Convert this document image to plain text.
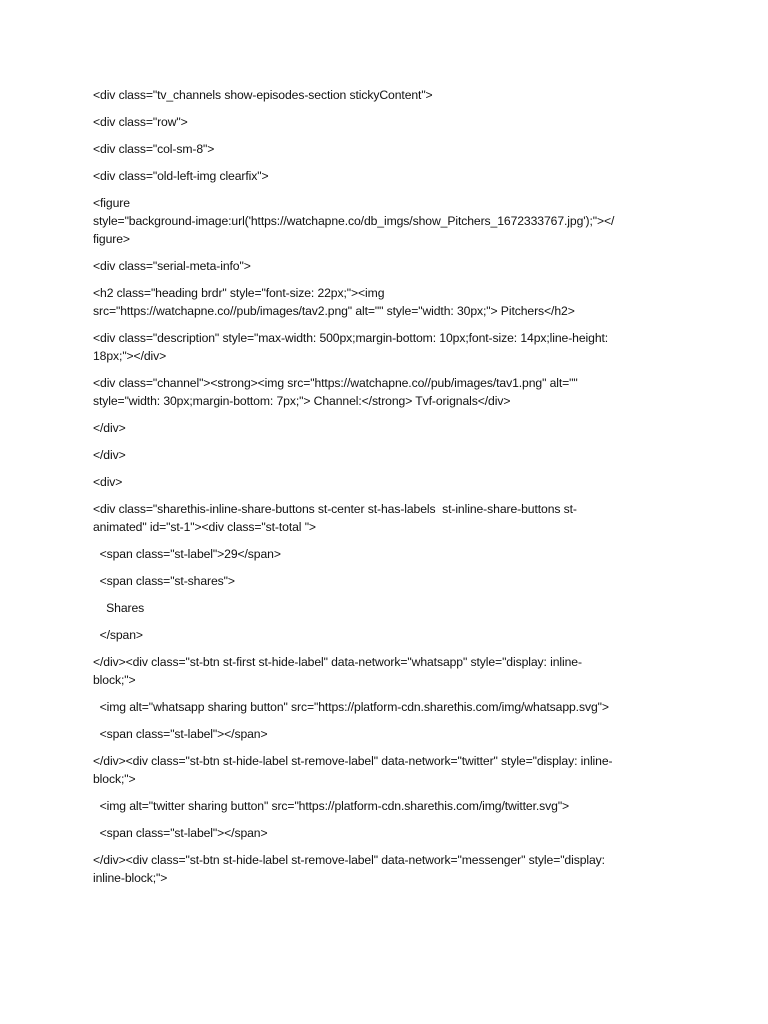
<div class="tv_channels show-episodes-section stickyContent">

<div class="row">

<div class="col-sm-8">

<div class="old-left-img clearfix">

<figure
style="background-image:url('https://watchapne.co/db_imgs/show_Pitchers_1672333767.jpg');"></
figure>

<div class="serial-meta-info">

<h2 class="heading brdr" style="font-size: 22px;"><img
src="https://watchapne.co//pub/images/tav2.png" alt="" style="width: 30px;"> Pitchers</h2>

<div class="description" style="max-width: 500px;margin-bottom: 10px;font-size: 14px;line-height:
18px;"></div>

<div class="channel"><strong><img src="https://watchapne.co//pub/images/tav1.png" alt=""
style="width: 30px;margin-bottom: 7px;"> Channel:</strong> Tvf-orignals</div>

</div>

</div>

<div>

<div class="sharethis-inline-share-buttons st-center st-has-labels  st-inline-share-buttons st-
animated" id="st-1"><div class="st-total ">

<span class="st-label">29</span>

<span class="st-shares">

Shares

</span>

</div><div class="st-btn st-first st-hide-label" data-network="whatsapp" style="display: inline-
block;">

<img alt="whatsapp sharing button" src="https://platform-cdn.sharethis.com/img/whatsapp.svg">

<span class="st-label"></span>

</div><div class="st-btn st-hide-label st-remove-label" data-network="twitter" style="display: inline-
block;">

<img alt="twitter sharing button" src="https://platform-cdn.sharethis.com/img/twitter.svg">

<span class="st-label"></span>

</div><div class="st-btn st-hide-label st-remove-label" data-network="messenger" style="display:
inline-block;">
